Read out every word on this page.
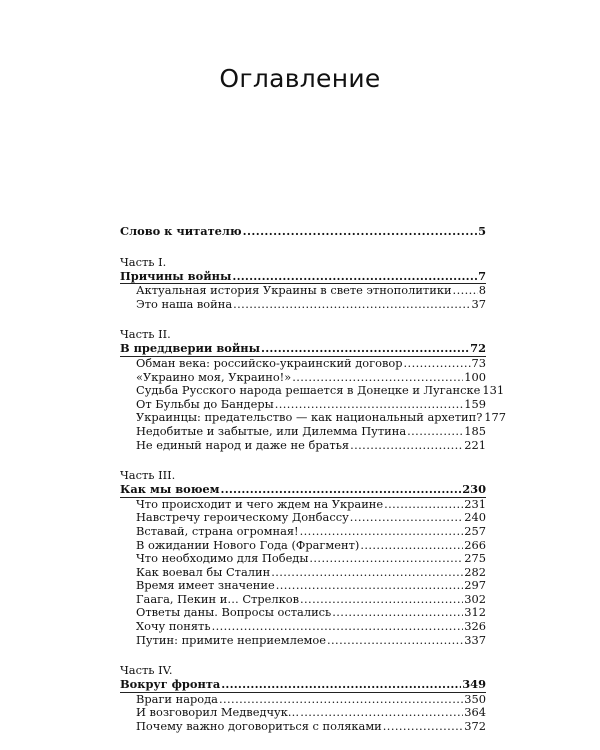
Оглавление
Слово к читателю .....	5
Часть I.
Причины войны .....	7
Актуальная история Украины в свете этнополитики ..... 8
Это наша война .....	37
Часть II.
В преддверии войны .....	72
Обман века: российско-украинский договор .....	73
«Украино моя, Украино!» .....	100
Судьба Русского народа решается в Донецке и Луганске 131
От Бульбы до Бандеры .....	159
Украинцы: предательство — как национальный архетип? 177
Недобитые и забытые, или Дилемма Путина .....	185
Не единый народ и даже не братья .....	221
Часть III.
Как мы воюем .....	230
Что происходит и чего ждем на Украине .....	231
Навстречу героическому Донбассу .....	240
Вставай, страна огромная! .....	257
В ожидании Нового Года (Фрагмент) .....	266
Что необходимо для Победы .....	275
Как воевал бы Сталин .....	282
Время имеет значение .....	297
Гаага, Пекин и… Стрелков .....	302
Ответы даны. Вопросы остались .....	312
Хочу понять .....	326
Путин: примите неприемлемое .....	337
Часть IV.
Вокруг фронта .....	349
Враги народа .....	350
И возговорил Медведчук… .....	364
Почему важно договориться с поляками .....	372
